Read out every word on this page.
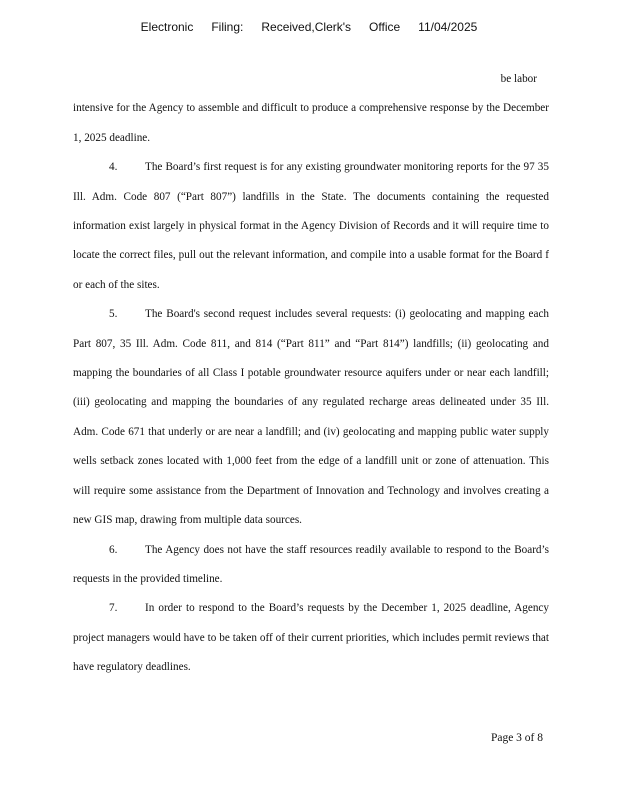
Electronic Filing: Received,Clerk's Office 11/04/2025

be labor

intensive for the Agency to assemble and difficult to produce a comprehensive response by the December 1, 2025 deadline.

4. The Board’s first request is for any existing groundwater monitoring reports for the 97 35 Ill. Adm. Code 807 (“Part 807”) landfills in the State. The documents containing the requested information exist largely in physical format in the Agency Division of Records and it will require time to locate the correct files, pull out the relevant information, and compile into a usable format for the Board f or each of the sites.

5. The Board's second request includes several requests: (i) geolocating and mapping each Part 807, 35 Ill. Adm. Code 811, and 814 (“Part 811” and “Part 814”) landfills; (ii) geolocating and mapping the boundaries of all Class I potable groundwater resource aquifers under or near each landfill; (iii) geolocating and mapping the boundaries of any regulated recharge areas delineated under 35 Ill. Adm. Code 671 that underly or are near a landfill; and (iv) geolocating and mapping public water supply wells setback zones located with 1,000 feet from the edge of a landfill unit or zone of attenuation. This will require some assistance from the Department of Innovation and Technology and involves creating a new GIS map, drawing from multiple data sources.

6. The Agency does not have the staff resources readily available to respond to the Board’s requests in the provided timeline.

7. In order to respond to the Board’s requests by the December 1, 2025 deadline, Agency project managers would have to be taken off of their current priorities, which includes permit reviews that have regulatory deadlines.

Page 3 of 8
